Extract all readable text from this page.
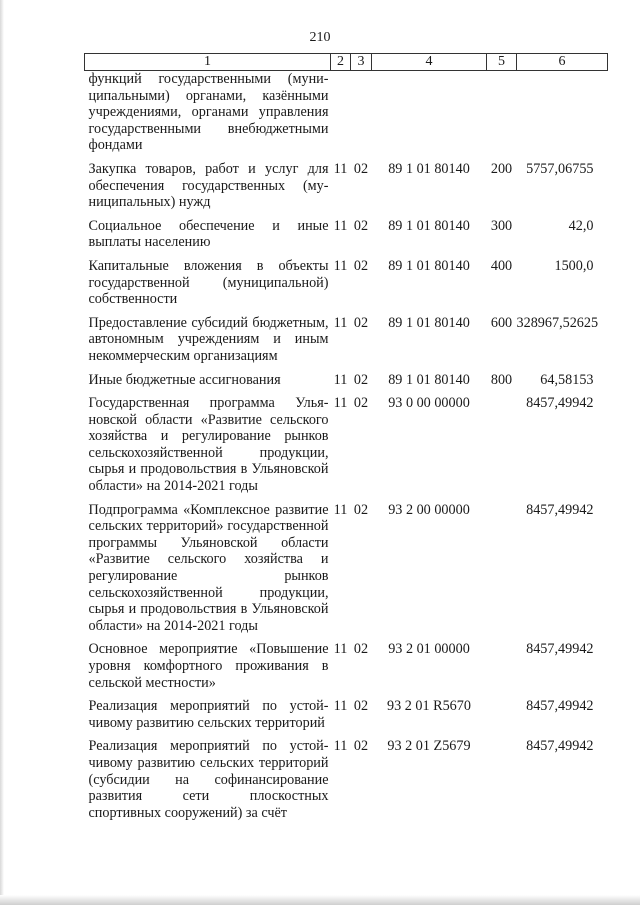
210
1	2	3	4	5	6
функций государственными (муниципальными) органами, казёнными учреждениями, органами управления государственными внебюджетными фондами					
Закупка товаров, работ и услуг для обеспечения государственных (муниципальных) нужд	11	02	89 1 01 80140	200	5757,06755
Социальное обеспечение и иные выплаты населению	11	02	89 1 01 80140	300	42,0
Капитальные вложения в объекты государственной (муниципальной) собственности	11	02	89 1 01 80140	400	1500,0
Предоставление субсидий бюджетным, автономным учреждениям и иным некоммерческим организациям	11	02	89 1 01 80140	600	328967,52625
Иные бюджетные ассигнования	11	02	89 1 01 80140	800	64,58153
Государственная программа Ульяновской области «Развитие сельского хозяйства и регулирование рынков сельскохозяйственной продукции, сырья и продовольствия в Ульяновской области» на 2014-2021 годы	11	02	93 0 00 00000		8457,49942
Подпрограмма «Комплексное развитие сельских территорий» государственной программы Ульяновской области «Развитие сельского хозяйства и регулирование рынков сельскохозяйственной продукции, сырья и продовольствия в Ульяновской области» на 2014-2021 годы	11	02	93 2 00 00000		8457,49942
Основное мероприятие «Повышение уровня комфортного проживания в сельской местности»	11	02	93 2 01 00000		8457,49942
Реализация мероприятий по устойчивому развитию сельских территорий	11	02	93 2 01 R5670		8457,49942
Реализация мероприятий по устойчивому развитию сельских территорий (субсидии на софинансирование развития сети плоскостных спортивных сооружений) за счёт	11	02	93 2 01 Z5679		8457,49942
